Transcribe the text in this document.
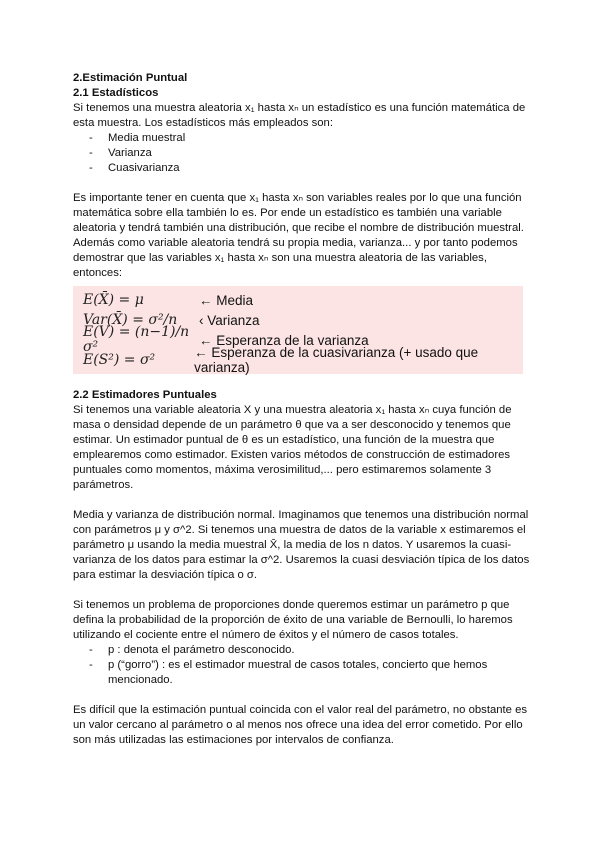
2.Estimación Puntual
2.1 Estadísticos

Si tenemos una muestra aleatoria x₁ hasta xₙ un estadístico es una función matemática de esta muestra. Los estadísticos más empleados son:

- Media muestral
- Varianza
- Cuasivarianza

Es importante tener en cuenta que x₁ hasta xₙ son variables reales por lo que una función matemática sobre ella también lo es. Por ende un estadístico es también una variable aleatoria y tendrá también una distribución, que recibe el nombre de distribución muestral. Además como variable aleatoria tendrá su propia media, varianza... y por tanto podemos demostrar que las variables x₁ hasta xₙ son una muestra aleatoria de las variables, entonces:

E(X̄) = μ	← Media
Var(X̄) = σ²/n	‹ Varianza
E(V) = (n−1)/n σ²	← Esperanza de la varianza
E(S²) = σ²	← Esperanza de la cuasivarianza (+ usado que varianza)
2.2 Estimadores Puntuales

Si tenemos una variable aleatoria X y una muestra aleatoria x₁ hasta xₙ cuya función de masa o densidad depende de un parámetro θ que va a ser desconocido y tenemos que estimar. Un estimador puntual de θ es un estadístico, una función de la muestra que emplearemos como estimador. Existen varios métodos de construcción de estimadores puntuales como momentos, máxima verosimilitud,... pero estimaremos solamente 3 parámetros.

Media y varianza de distribución normal. Imaginamos que tenemos una distribución normal con parámetros μ y σ^2. Si tenemos una muestra de datos de la variable x estimaremos el parámetro μ usando la media muestral X̄, la media de los n datos. Y usaremos la cuasi-varianza de los datos para estimar la σ^2. Usaremos la cuasi desviación típica de los datos para estimar la desviación típica o σ.

Si tenemos un problema de proporciones donde queremos estimar un parámetro p que defina la probabilidad de la proporción de éxito de una variable de Bernoulli, lo haremos utilizando el cociente entre el número de éxitos y el número de casos totales.

- p : denota el parámetro desconocido.
- p (“gorro”) : es el estimador muestral de casos totales, concierto que hemos mencionado.

Es difícil que la estimación puntual coincida con el valor real del parámetro, no obstante es un valor cercano al parámetro o al menos nos ofrece una idea del error cometido. Por ello son más utilizadas las estimaciones por intervalos de confianza.
